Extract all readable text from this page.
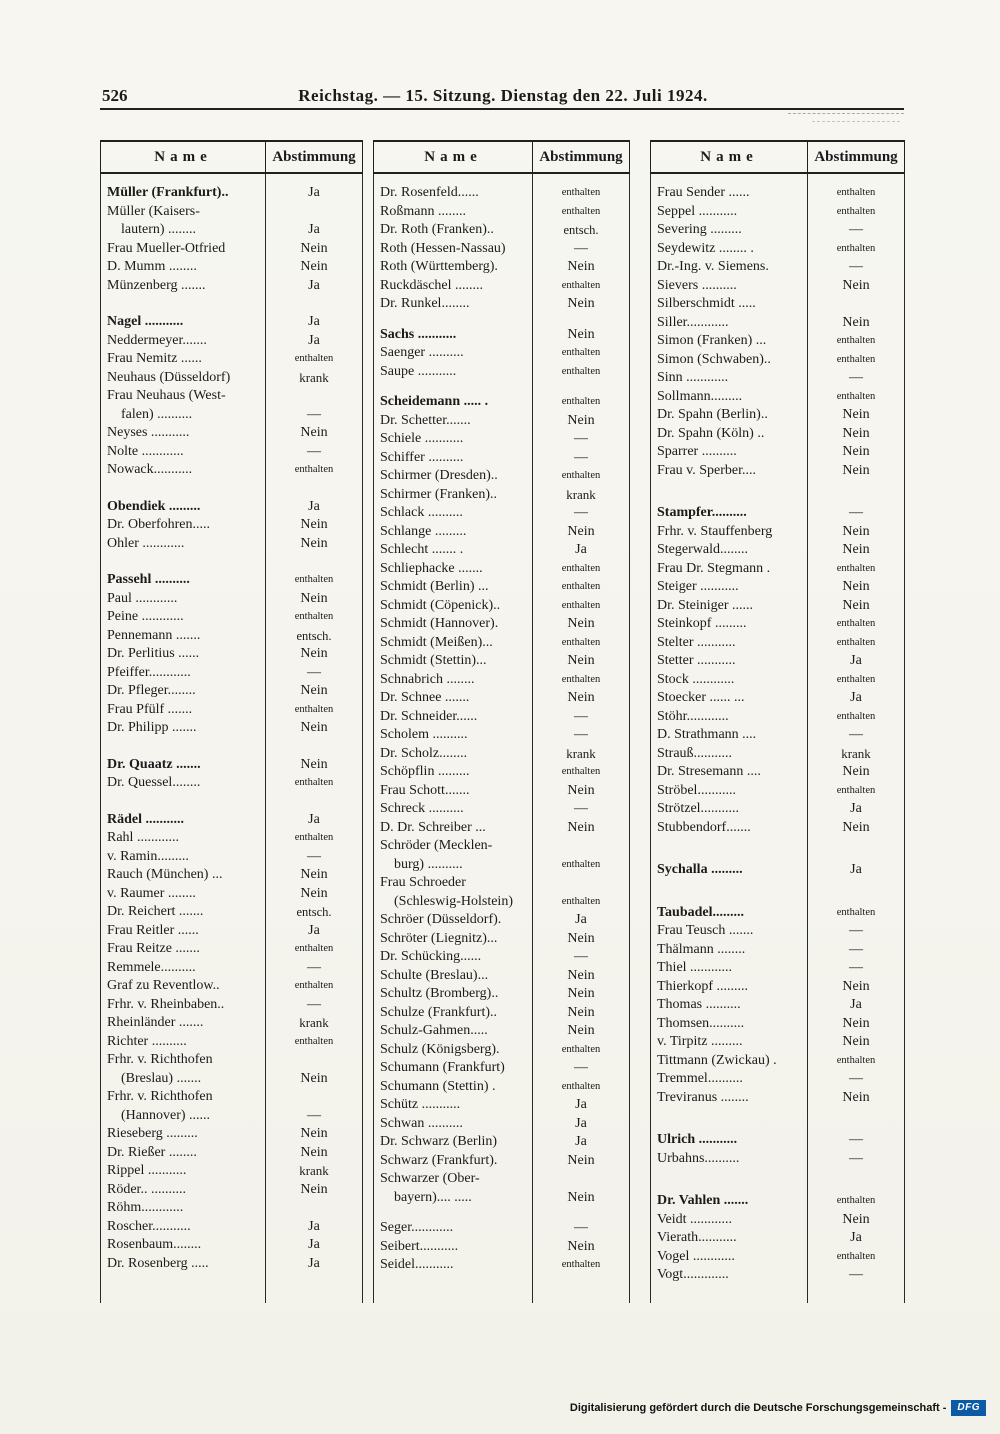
526	Reichstag. — 15. Sitzung. Dienstag den 22. Juli 1924.
Name	Abstimmung
Müller (Frankfurt)..	Ja
Müller (Kaisers-
lautern) ........	Ja
Frau Mueller-Otfried	Nein
D. Mumm ........	Nein
Münzenberg .......	Ja
Nagel ...........	Ja
Neddermeyer.......	Ja
Frau Nemitz ......	enthalten
Neuhaus (Düsseldorf)	krank
Frau Neuhaus (West-
falen) ..........	—
Neyses ...........	Nein
Nolte ............	—
Nowack...........	enthalten
Obendiek .........	Ja
Dr. Oberfohren.....	Nein
Ohler ............	Nein
Passehl ..........	enthalten
Paul ............	Nein
Peine ............	enthalten
Pennemann .......	entsch.
Dr. Perlitius ......	Nein
Pfeiffer............	—
Dr. Pfleger........	Nein
Frau Pfülf .......	enthalten
Dr. Philipp .......	Nein
Dr. Quaatz .......	Nein
Dr. Quessel........	enthalten
Rädel ...........	Ja
Rahl ............	enthalten
v. Ramin.........	—
Rauch (München) ...	Nein
v. Raumer ........	Nein
Dr. Reichert .......	entsch.
Frau Reitler ......	Ja
Frau Reitze .......	enthalten
Remmele..........	—
Graf zu Reventlow..	enthalten
Frhr. v. Rheinbaben..	—
Rheinländer .......	krank
Richter ..........	enthalten
Frhr. v. Richthofen
(Breslau) .......	Nein
Frhr. v. Richthofen
(Hannover) ......	—
Rieseberg .........	Nein
Dr. Rießer ........	Nein
Rippel ...........	krank
Röder.. ..........	Nein
Röhm............
Roscher...........	Ja
Rosenbaum........	Ja
Dr. Rosenberg .....	Ja
Name	Abstimmung
Dr. Rosenfeld......	enthalten
Roßmann ........	enthalten
Dr. Roth (Franken)..	entsch.
Roth (Hessen-Nassau)	—
Roth (Württemberg).	Nein
Ruckdäschel ........	enthalten
Dr. Runkel........	Nein
Sachs ...........	Nein
Saenger ..........	enthalten
Saupe ...........	enthalten
Scheidemann ..... .	enthalten
Dr. Schetter.......	Nein
Schiele ...........	—
Schiffer ..........	—
Schirmer (Dresden)..	enthalten
Schirmer (Franken)..	krank
Schlack ..........	—
Schlange .........	Nein
Schlecht ....... .	Ja
Schliephacke .......	enthalten
Schmidt (Berlin) ...	enthalten
Schmidt (Cöpenick)..	enthalten
Schmidt (Hannover).	Nein
Schmidt (Meißen)...	enthalten
Schmidt (Stettin)...	Nein
Schnabrich ........	enthalten
Dr. Schnee .......	Nein
Dr. Schneider......	—
Scholem ..........	—
Dr. Scholz........	krank
Schöpflin .........	enthalten
Frau Schott.......	Nein
Schreck ..........	—
D. Dr. Schreiber ...	Nein
Schröder (Mecklen-
burg) ..........	enthalten
Frau Schroeder
(Schleswig-Holstein)	enthalten
Schröer (Düsseldorf).	Ja
Schröter (Liegnitz)...	Nein
Dr. Schücking......	—
Schulte (Breslau)...	Nein
Schultz (Bromberg)..	Nein
Schulze (Frankfurt)..	Nein
Schulz-Gahmen.....	Nein
Schulz (Königsberg).	enthalten
Schumann (Frankfurt)	—
Schumann (Stettin) .	enthalten
Schütz ...........	Ja
Schwan ..........	Ja
Dr. Schwarz (Berlin)	Ja
Schwarz (Frankfurt).	Nein
Schwarzer (Ober-
bayern).... .....	Nein
Seger............	—
Seibert...........	Nein
Seidel...........	enthalten
Name	Abstimmung
Frau Sender ......	enthalten
Seppel ...........	enthalten
Severing .........	—
Seydewitz ........ .	enthalten
Dr.-Ing. v. Siemens.	—
Sievers ..........	Nein
Silberschmidt .....
Siller............	Nein
Simon (Franken) ...	enthalten
Simon (Schwaben)..	enthalten
Sinn ............	—
Sollmann.........	enthalten
Dr. Spahn (Berlin)..	Nein
Dr. Spahn (Köln) ..	Nein
Sparrer ..........	Nein
Frau v. Sperber....	Nein
Stampfer..........	—
Frhr. v. Stauffenberg	Nein
Stegerwald........	Nein
Frau Dr. Stegmann .	enthalten
Steiger ...........	Nein
Dr. Steiniger ......	Nein
Steinkopf .........	enthalten
Stelter ...........	enthalten
Stetter ...........	Ja
Stock ............	enthalten
Stoecker ...... ...	Ja
Stöhr............	enthalten
D. Strathmann ....	—
Strauß...........	krank
Dr. Stresemann ....	Nein
Ströbel...........	enthalten
Strötzel...........	Ja
Stubbendorf.......	Nein
Sychalla .........	Ja
Taubadel.........	enthalten
Frau Teusch .......	—
Thälmann ........	—
Thiel ............	—
Thierkopf .........	Nein
Thomas ..........	Ja
Thomsen..........	Nein
v. Tirpitz .........	Nein
Tittmann (Zwickau) .	enthalten
Tremmel..........	—
Treviranus ........	Nein
Ulrich ...........	—
Urbahns..........	—
Dr. Vahlen .......	enthalten
Veidt ............	Nein
Vierath...........	Ja
Vogel ............	enthalten
Vogt.............	—
Digitalisierung gefördert durch die Deutsche Forschungsgemeinschaft -	DFG
